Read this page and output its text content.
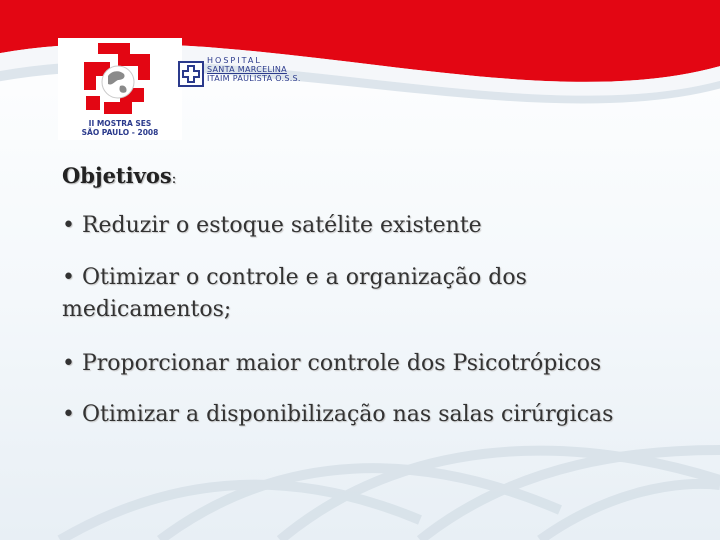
II MOSTRA SES
SÃO PAULO - 2008
HOSPITAL
SANTA MARCELINA
ITAIM PAULISTA O.S.S.
Objetivos:
• Reduzir o estoque satélite existente
• Otimizar o controle e a organização dos medicamentos;
• Proporcionar maior controle dos Psicotrópicos
• Otimizar a disponibilização nas salas cirúrgicas
